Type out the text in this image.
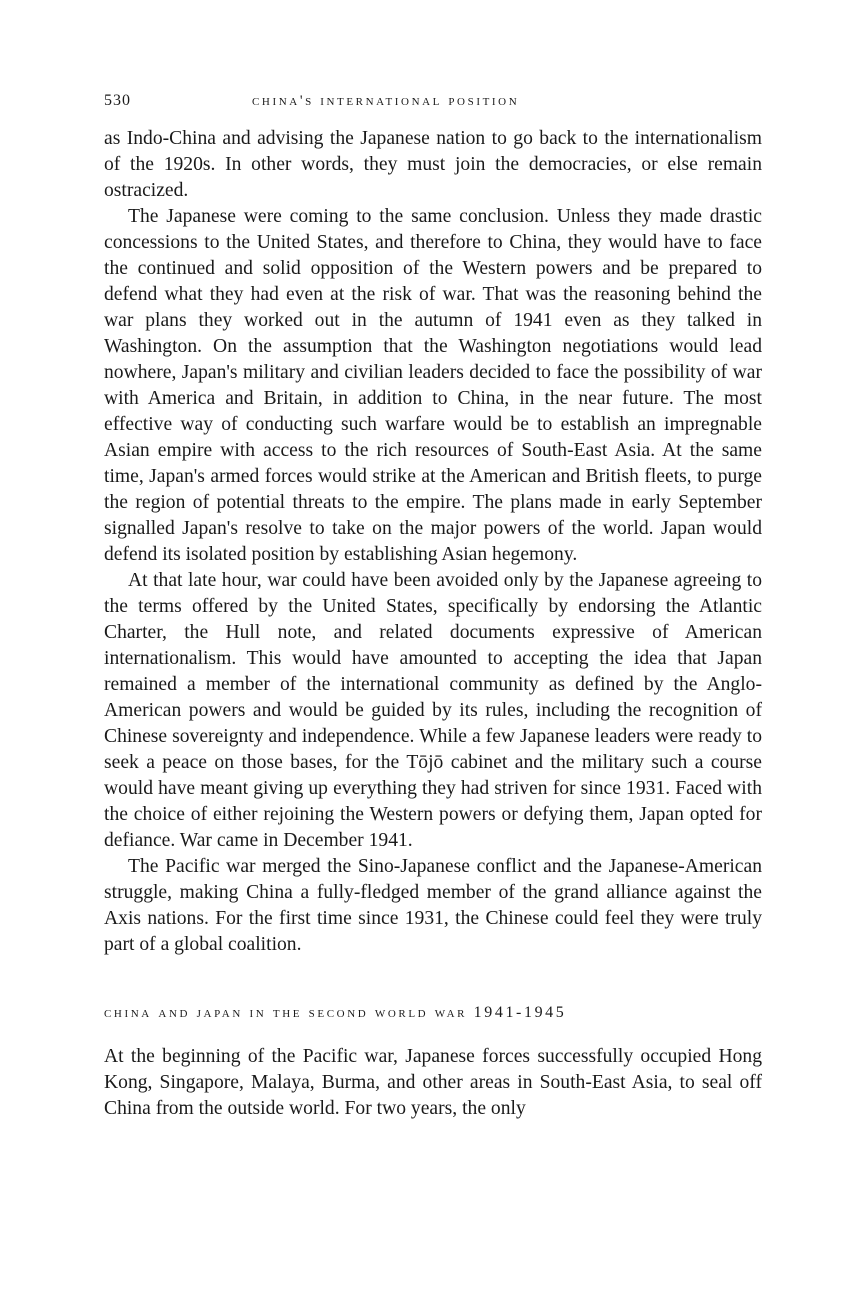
530	china's international position

as Indo-China and advising the Japanese nation to go back to the internationalism of the 1920s. In other words, they must join the democracies, or else remain ostracized.

The Japanese were coming to the same conclusion. Unless they made drastic concessions to the United States, and therefore to China, they would have to face the continued and solid opposition of the Western powers and be prepared to defend what they had even at the risk of war. That was the reasoning behind the war plans they worked out in the autumn of 1941 even as they talked in Washington. On the assumption that the Washington negotiations would lead nowhere, Japan's military and civilian leaders decided to face the possibility of war with America and Britain, in addition to China, in the near future. The most effective way of conducting such warfare would be to establish an impregnable Asian empire with access to the rich resources of South-East Asia. At the same time, Japan's armed forces would strike at the American and British fleets, to purge the region of potential threats to the empire. The plans made in early September signalled Japan's resolve to take on the major powers of the world. Japan would defend its isolated position by establishing Asian hegemony.

At that late hour, war could have been avoided only by the Japanese agreeing to the terms offered by the United States, specifically by endorsing the Atlantic Charter, the Hull note, and related documents expressive of American internationalism. This would have amounted to accepting the idea that Japan remained a member of the international community as defined by the Anglo-American powers and would be guided by its rules, including the recognition of Chinese sovereignty and independence. While a few Japanese leaders were ready to seek a peace on those bases, for the Tōjō cabinet and the military such a course would have meant giving up everything they had striven for since 1931. Faced with the choice of either rejoining the Western powers or defying them, Japan opted for defiance. War came in December 1941.

The Pacific war merged the Sino-Japanese conflict and the Japanese-American struggle, making China a fully-fledged member of the grand alliance against the Axis nations. For the first time since 1931, the Chinese could feel they were truly part of a global coalition.

china and japan in the second world war 1941-1945

At the beginning of the Pacific war, Japanese forces successfully occupied Hong Kong, Singapore, Malaya, Burma, and other areas in South-East Asia, to seal off China from the outside world. For two years, the only
